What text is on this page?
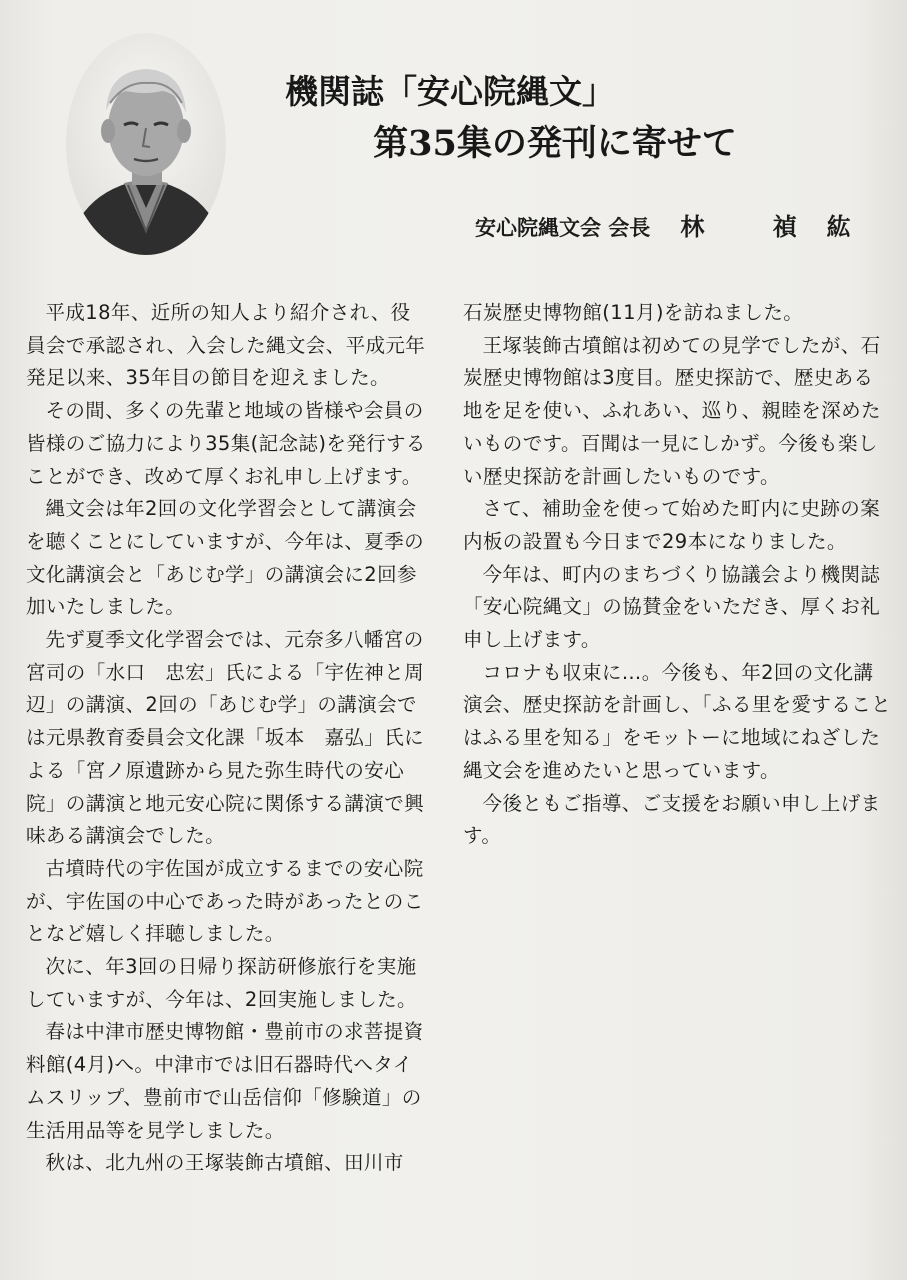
機関誌「安心院縄文」
第35集の発刊に寄せて
安心院縄文会 会長 林 禎紘

平成18年、近所の知人より紹介され、役員会で承認され、入会した縄文会、平成元年発足以来、35年目の節目を迎えました。

その間、多くの先輩と地域の皆様や会員の皆様のご協力により35集(記念誌)を発行することができ、改めて厚くお礼申し上げます。

縄文会は年2回の文化学習会として講演会を聴くことにしていますが、今年は、夏季の文化講演会と「あじむ学」の講演会に2回参加いたしました。

先ず夏季文化学習会では、元奈多八幡宮の宮司の「水口　忠宏」氏による「宇佐神と周辺」の講演、2回の「あじむ学」の講演会では元県教育委員会文化課「坂本　嘉弘」氏による「宮ノ原遺跡から見た弥生時代の安心院」の講演と地元安心院に関係する講演で興味ある講演会でした。

古墳時代の宇佐国が成立するまでの安心院が、宇佐国の中心であった時があったとのことなど嬉しく拝聴しました。

次に、年3回の日帰り探訪研修旅行を実施していますが、今年は、2回実施しました。

春は中津市歴史博物館・豊前市の求菩提資料館(4月)へ。中津市では旧石器時代へタイムスリップ、豊前市で山岳信仰「修験道」の生活用品等を見学しました。

秋は、北九州の王塚装飾古墳館、田川市

石炭歴史博物館(11月)を訪ねました。

王塚装飾古墳館は初めての見学でしたが、石炭歴史博物館は3度目。歴史探訪で、歴史ある地を足を使い、ふれあい、巡り、親睦を深めたいものです。百聞は一見にしかず。今後も楽しい歴史探訪を計画したいものです。

さて、補助金を使って始めた町内に史跡の案内板の設置も今日まで29本になりました。

今年は、町内のまちづくり協議会より機関誌「安心院縄文」の協賛金をいただき、厚くお礼申し上げます。

コロナも収束に…。今後も、年2回の文化講演会、歴史探訪を計画し、「ふる里を愛することはふる里を知る」をモットーに地域にねざした縄文会を進めたいと思っています。

今後ともご指導、ご支援をお願い申し上げます。
